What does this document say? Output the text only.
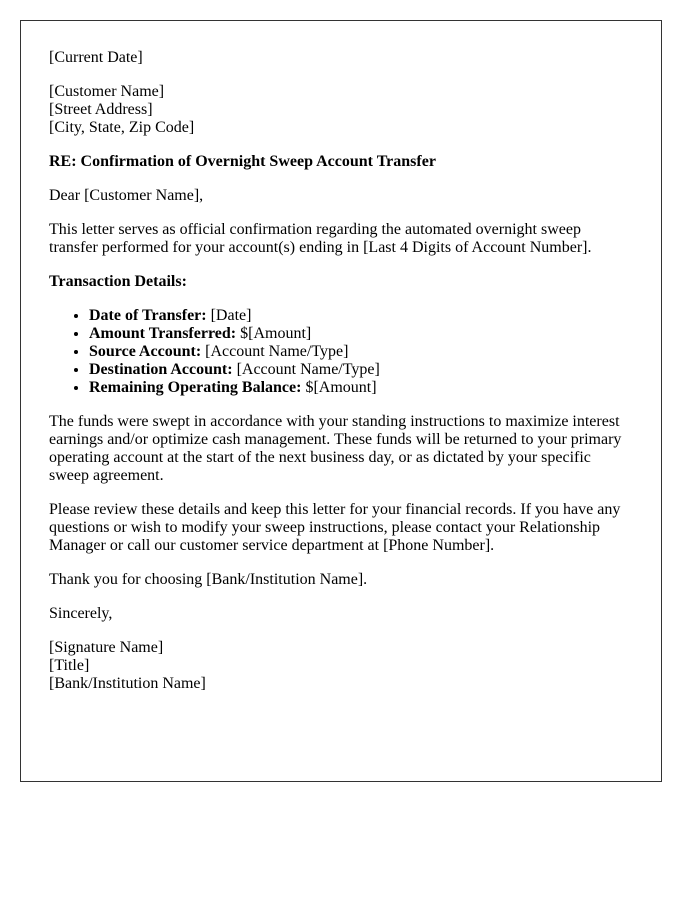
[Current Date]

[Customer Name]
[Street Address]
[City, State, Zip Code]

RE: Confirmation of Overnight Sweep Account Transfer

Dear [Customer Name],

This letter serves as official confirmation regarding the automated overnight sweep
transfer performed for your account(s) ending in [Last 4 Digits of Account Number].

Transaction Details:

• Date of Transfer: [Date]
• Amount Transferred: $[Amount]
• Source Account: [Account Name/Type]
• Destination Account: [Account Name/Type]
• Remaining Operating Balance: $[Amount]

The funds were swept in accordance with your standing instructions to maximize interest
earnings and/or optimize cash management. These funds will be returned to your primary
operating account at the start of the next business day, or as dictated by your specific
sweep agreement.

Please review these details and keep this letter for your financial records. If you have any
questions or wish to modify your sweep instructions, please contact your Relationship
Manager or call our customer service department at [Phone Number].

Thank you for choosing [Bank/Institution Name].

Sincerely,

[Signature Name]
[Title]
[Bank/Institution Name]
